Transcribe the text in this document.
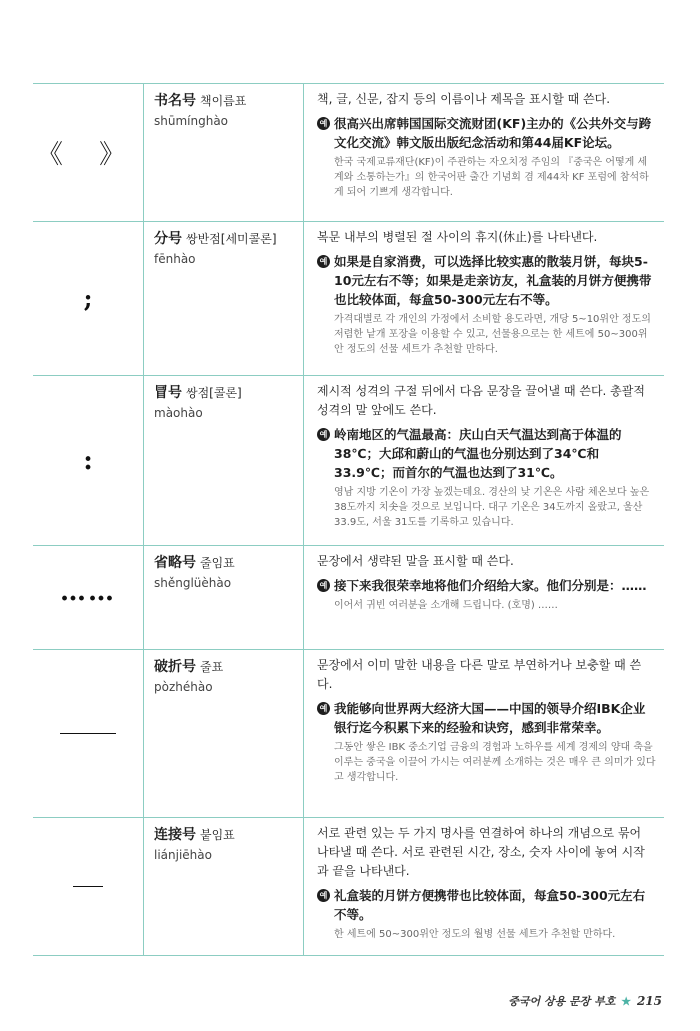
《 》
书名号 책이름표
shūmínghào
책, 글, 신문, 잡지 등의 이름이나 제목을 표시할 때 쓴다.
예 很高兴出席韩国国际交流财团(KF)主办的《公共外交与跨文化交流》韩文版出版纪念活动和第44届KF论坛。
한국 국제교류재단(KF)이 주관하는 자오치정 주임의 『중국은 어떻게 세계와 소통하는가』의 한국어판 출간 기념회 겸 제44차 KF 포럼에 참석하게 되어 기쁘게 생각합니다.
;
分号 쌍반점[세미콜론]
fēnhào
복문 내부의 병렬된 절 사이의 휴지(休止)를 나타낸다.
예 如果是自家消费，可以选择比较实惠的散装月饼，每块5-10元左右不等；如果是走亲访友，礼盒装的月饼方便携带也比较体面，每盒50-300元左右不等。
가격대별로 각 개인의 가정에서 소비할 용도라면, 개당 5~10위안 정도의 저렴한 낱개 포장을 이용할 수 있고, 선물용으로는 한 세트에 50~300위안 정도의 선물 세트가 추천할 만하다.
:
冒号 쌍점[콜론]
màohào
제시적 성격의 구절 뒤에서 다음 문장을 끌어낼 때 쓴다. 총괄적 성격의 말 앞에도 쓴다.
예 岭南地区的气温最高：庆山白天气温达到高于体温的38℃；大邱和蔚山的气温也分别达到了34℃和33.9℃；而首尔的气温也达到了31℃。
영남 지방 기온이 가장 높겠는데요. 경산의 낮 기온은 사람 체온보다 높은 38도까지 치솟을 것으로 보입니다. 대구 기온은 34도까지 올랐고, 울산 33.9도, 서울 31도를 기록하고 있습니다.
……
省略号 줄임표
shěnglüèhào
문장에서 생략된 말을 표시할 때 쓴다.
예 接下来我很荣幸地将他们介绍给大家。他们分别是：……
이어서 귀빈 여러분을 소개해 드립니다. (호명) ……
破折号 줄표
pòzhéhào
문장에서 이미 말한 내용을 다른 말로 부연하거나 보충할 때 쓴다.
예 我能够向世界两大经济大国——中国的领导介绍IBK企业银行迄今积累下来的经验和诀窍，感到非常荣幸。
그동안 쌓은 IBK 중소기업 금융의 경험과 노하우를 세계 경제의 양대 축을 이루는 중국을 이끌어 가시는 여러분께 소개하는 것은 매우 큰 의미가 있다고 생각합니다.
连接号 붙임표
liánjiēhào
서로 관련 있는 두 가지 명사를 연결하여 하나의 개념으로 묶어 나타낼 때 쓴다. 서로 관련된 시간, 장소, 숫자 사이에 놓여 시작과 끝을 나타낸다.
예 礼盒装的月饼方便携带也比较体面，每盒50-300元左右不等。
한 세트에 50~300위안 정도의 월병 선물 세트가 추천할 만하다.
중국어 상용 문장 부호 ★ 215
